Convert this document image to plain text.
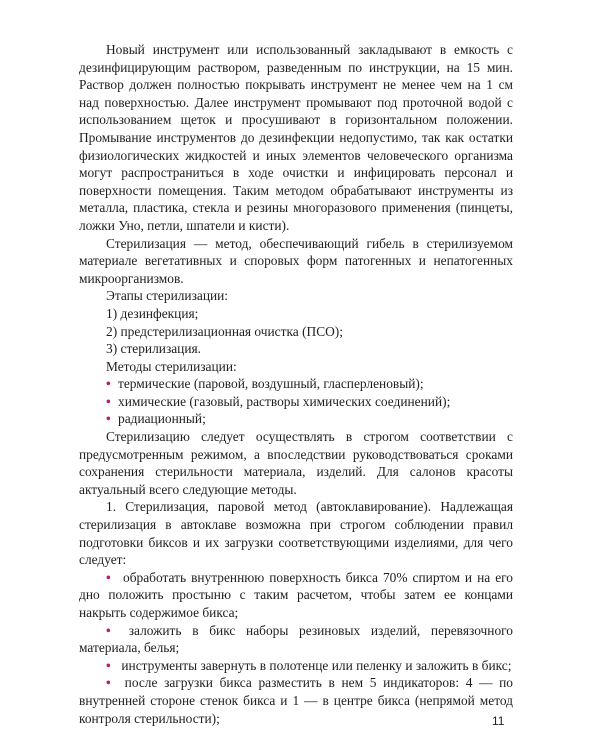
Новый инструмент или использованный закладывают в емкость с дезинфицирующим раствором, разведенным по инструкции, на 15 мин. Раствор должен полностью покрывать инструмент не менее чем на 1 см над поверхностью. Далее инструмент промывают под проточной водой с использованием щеток и просушивают в горизонтальном положении. Промывание инструментов до дезинфекции недопустимо, так как остатки физиологических жидкостей и иных элементов человеческого организма могут распространиться в ходе очистки и инфицировать персонал и поверхности помещения. Таким методом обрабатывают инструменты из металла, пластика, стекла и резины многоразового применения (пинцеты, ложки Уно, петли, шпатели и кисти).

Стерилизация — метод, обеспечивающий гибель в стерилизуемом материале вегетативных и споровых форм патогенных и непатогенных микроорганизмов.

Этапы стерилизации:

1) дезинфекция;

2) предстерилизационная очистка (ПСО);

3) стерилизация.

Методы стерилизации:

• термические (паровой, воздушный, гласперленовый);

• химические (газовый, растворы химических соединений);

• радиационный;

Стерилизацию следует осуществлять в строгом соответствии с предусмотренным режимом, а впоследствии руководствоваться сроками сохранения стерильности материала, изделий. Для салонов красоты актуальный всего следующие методы.

1. Стерилизация, паровой метод (автоклавирование). Надлежащая стерилизация в автоклаве возможна при строгом соблюдении правил подготовки биксов и их загрузки соответствующими изделиями, для чего следует:

• обработать внутреннюю поверхность бикса 70% спиртом и на его дно положить простыню с таким расчетом, чтобы затем ее концами накрыть содержимое бикса;

• заложить в бикс наборы резиновых изделий, перевязочного материала, белья;

• инструменты завернуть в полотенце или пеленку и заложить в бикс;

• после загрузки бикса разместить в нем 5 индикаторов: 4 — по внутренней стороне стенок бикса и 1 — в центре бикса (непрямой метод контроля стерильности);	11
